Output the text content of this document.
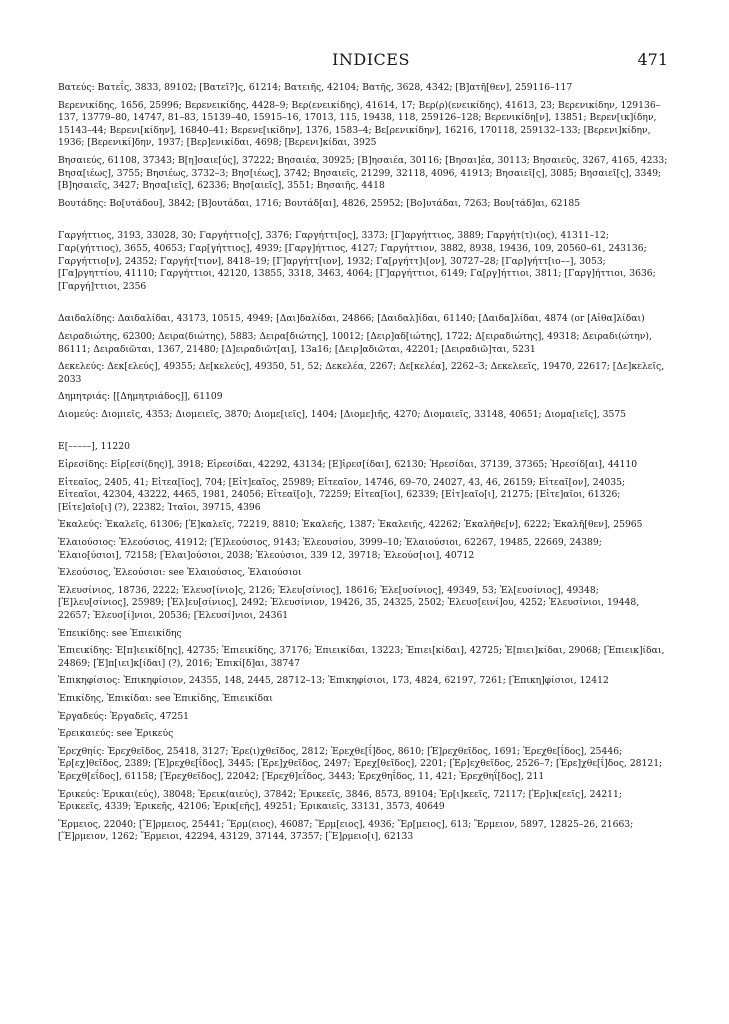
INDICES	471

Βατεύς: Βατεΐς, 3833, 89102; [Βατεῖ?]ς, 61214; Βατειῆς, 42104; Βατῆς, 3628, 4342; [Β]ατῆ[θεν], 259116–117

Βερενικίδης, 1656, 25996; Βερενεικίδης, 4428–9; Βερ(ενεικίδης), 41614, 17; Βερ(ρ)(ενεικίδης), 41613, 23; Βερενικίδην, 129136–137, 13779–80, 14747, 81–83, 15139–40, 15915–16, 17013, 115, 19438, 118, 259126–128; Βερενικίδη[ν], 13851; Βερεν[ικ]ίδην, 15143–44; Βερενι[κίδην], 16840–41; Βερενε[ικίδην], 1376, 1583–4; Βε[ρενικίδην], 16216, 170118, 259132–133; [Βερενι]κίδην, 1936; [Βερενικί]δην, 1937; [Βερ]ενικίδαι, 4698; [Βερενι]κίδαι, 3925

Βησαιεύς, 61108, 37343; Β[η]σαιε[ύς], 37222; Βησαιέα, 30925; [Β]ησαιέα, 30116; [Βησαι]έα, 30113; Βησαιεῦς, 3267, 4165, 4233; Βησα[ιέως], 3755; Βησιέως, 3732–3; Βησ[ιέως], 3742; Βησαιεῖς, 21299, 32118, 4096, 41913; Βησαιεῖ[ς], 3085; Βησαιεῖ[ς], 3349; [Β]ησαιεῖς, 3427; Βησα[ιεῖς], 62336; Βησ[αιεῖς], 3551; Βησαιῆς, 4418

Βουτάδης: Βο[υτάδου], 3842; [Β]ουτάδαι, 1716; Βουτάδ[αι], 4826, 25952; [Βο]υτάδαι, 7263; Βου[τάδ]αι, 62185

Γαργήττιος, 3193, 33028, 30; Γαργήττιο[ς], 3376; Γαργήττι[ος], 3373; [Γ]αργήττιος, 3889; Γαργήτ⟨τ⟩ι(ος), 41311–12; Γαρ(γήττιος), 3655, 40653; Γαρ[γήττιος], 4939; [Γαργ]ήττιος, 4127; Γαργήττιον, 3882, 8938, 19436, 109, 20560–61, 243136; Γαργήττιο[ν], 24352; Γαργήτ[τιον], 8418–19; [Γ]αργήττ[ιον], 1932; Γα[ργήττ]ι[ον], 30727–28; [Γαρ]γήττ[ιο––], 3053; [Γα]ργηττίου, 41110; Γαργήττιοι, 42120, 13855, 3318, 3463, 4064; [Γ]αργήττιοι, 6149; Γα[ργ]ήττιοι, 3811; [Γαργ]ήττιοι, 3636; [Γαργή]ττιοι, 2356

Δαιδαλίδης: Δαιδαλίδαι, 43173, 10515, 4949; [Δαι]δαλίδαι, 24866; [Δαιδαλ]ίδαι, 61140; [Δαιδα]λίδαι, 4874 (or [Αἰθα]λίδαι)

Δειραδιώτης, 62300; Δειρα(διώτης), 5883; Δειρα[διώτης], 10012; [Δειρ]αδ[ιώτης], 1722; Δ[ειραδιώτης], 49318; Δειραδι(ώτην), 86111; Δειραδιῶται, 1367, 21480; [Δ]ειραδιῶτ[αι], 13a16; [Δειρ]αδιῶται, 42201; [Δειραδιῶ]ται, 5231

Δεκελεύς: Δεκ[ελεύς], 49355; Δε[κελεύς], 49350, 51, 52; Δεκελέα, 2267; Δε[κελέα], 2262–3; Δεκελεεῖς, 19470, 22617; [Δε]κελεῖς, 2033

Δημητριάς: [[Δημητριάδος]], 61109

Διομεύς: Διομιεῖς, 4353; Διομειεῖς, 3870; Διομε[ιεῖς], 1404; [Διομε]ιῆς, 4270; Διομαιεῖς, 33148, 40651; Διομα[ιεῖς], 3575

Ε[–––––], 11220

Εἰρεσίδης: Εἰρ[εσί(δης)], 3918; Εἰρεσίδαι, 42292, 43134; [Ε]ἰρεσ[ίδαι], 62130; Ἠρεσίδαι, 37139, 37365; Ἠρεσίδ[αι], 44110

Εἰτεαῖος, 2405, 41; Εἰτεα[ῖος], 704; [Εἰτ]εαῖος, 25989; Εἰτεαῖον, 14746, 69–70, 24027, 43, 46, 26159; Εἰτεαῖ[ον], 24035; Εἰτεαῖοι, 42304, 43222, 4465, 1981, 24056; Εἰτεαῖ[ο]ι, 72259; Εἰτεα[ῖοι], 62339; [Εἰτ]εαῖο[ι], 21275; [Εἰτε]αῖοι, 61326; [Εἰτε]αῖο[ι] (?), 22382; Ἰταῖοι, 39715, 4396

Ἐκαλεύς: Ἐκαλεῖς, 61306; [Ἐ]καλεῖς, 72219, 8810; Ἐκαλεῆς, 1387; Ἐκαλειῆς, 42262; Ἐκαλῆθε[ν], 6222; Ἐκαλῆ[θεν], 25965

Ἐλαιούσιος: Ἐλεούσιος, 41912; [Ἐ]λεούσιος, 9143; Ἐλεουσίου, 3999–10; Ἐλαιούσιοι, 62267, 19485, 22669, 24389; Ἐλαιο[ύσιοι], 72158; [Ἐλαι]ούσιοι, 2038; Ἐλεούσιοι, 339 12, 39718; Ἐλεούσ[ιοι], 40712

Ἐλεούσιος, Ἐλεούσιοι: see Ἐλαιούσιος, Ἐλαιούσιοι

Ἐλευσίνιος, 18736, 2222; Ἐλευσ[ίνιο]ς, 2126; Ἐλευ[σίνιος], 18616; Ἐλε[υσίνιος], 49349, 53; Ἐλ[ευσίνιος], 49348; [Ἐ]λευ[σίνιος], 25989; [Ἐλ]ευ[σίνιος], 2492; Ἐλευσίνιον, 19426, 35, 24325, 2502; Ἐλευσ[εινί]ου, 4252; Ἐλευσίνιοι, 19448, 22657; Ἐλευσ[ί]νιοι, 20536; [Ἐλευσί]νιοι, 24361

Ἐπεικίδης: see Ἐπιεικίδης

Ἐπιεικίδης: Ἐ[π]ιεικίδ[ης], 42735; Ἐπιεικίδης, 37176; Ἐπιεικίδαι, 13223; Ἐπιει[κίδαι], 42725; Ἐ[πιει]κίδαι, 29068; [Ἐπιεικ]ίδαι, 24869; [Ἐ]π[ιει]κ[ίδαι] (?), 2016; Ἐπικί[δ]αι, 38747

Ἐπικηφίσιος: Ἐπικηφίσιον, 24355, 148, 2445, 28712–13; Ἐπικηφίσιοι, 173, 4824, 62197, 7261; [Ἐπικη]φίσιοι, 12412

Ἐπικίδης, Ἐπικίδαι: see Ἐπικίδης, Ἐπιεικίδαι

Ἐργαδεύς: Ἐργαδεῖς, 47251

Ἐρεικαιεύς: see Ἐρικεύς

Ἐρεχθηίς: Ἐρεχθεῖδος, 25418, 3127; Ἐρε(ι)χθεῖδος, 2812; Ἐρεχθε[ΐ]δος, 8610; [Ἐ]ρεχθεῖδος, 1691; Ἐρεχθε[ΐδος], 25446; Ἐρ[εχ]θεῖδος, 2389; [Ἐ]ρεχθε[ΐδος], 3445; [Ἐρε]χθεῖδος, 2497; Ἐρεχ[θεῖδος], 2201; [Ἐρ]εχθεῖδος, 2526–7; [Ἐρε]χθε[ΐ]δος, 28121; Ἐρεχθ[εΐδος], 61158; [Ἐρεχθεῖδος], 22042; [Ἐρεχθ]εΐδος, 3443; Ἐρεχθηΐδος, 11, 421; Ἐρεχθηΐ[δος], 211

Ἐρικεύς: Ἐρικαι(εύς), 38048; Ἐρεικ(αιεύς), 37842; Ἐρικεεῖς, 3846, 8573, 89104; Ἐρ[ι]κεεῖς, 72117; [Ἐρ]ικ[εεῖς], 24211; Ἐρικεεῖς, 4339; Ἐρικεῆς, 42106; Ἐρικ[εῆς], 49251; Ἐρικαιεῖς, 33131, 3573, 40649

Ἕρμειος, 22040; [Ἕ]ρμειος, 25441; Ἕρμ(ειος), 46087; Ἕρμ[ειος], 4936; Ἕρ[μειος], 613; Ἕρμειον, 5897, 12825–26, 21663; [Ἕ]ρμειον, 1262; Ἕρμειοι, 42294, 43129, 37144, 37357; [Ἕ]ρμειο[ι], 62133
